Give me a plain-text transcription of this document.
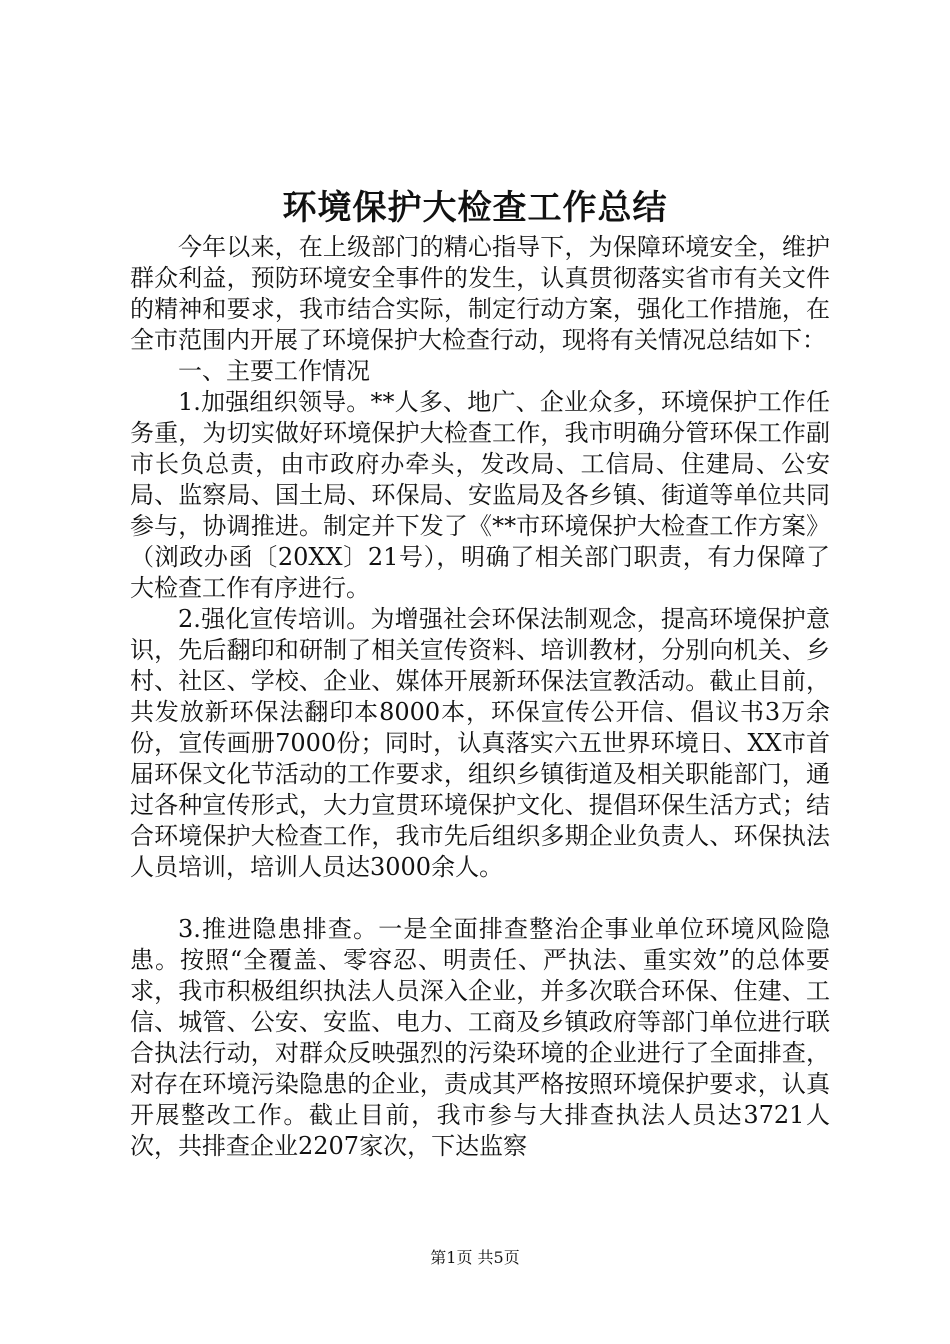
环境保护大检查工作总结

今年以来，在上级部门的精心指导下，为保障环境安全，维护群众利益，预防环境安全事件的发生，认真贯彻落实省市有关文件的精神和要求，我市结合实际，制定行动方案，强化工作措施，在全市范围内开展了环境保护大检查行动，现将有关情况总结如下：

一、主要工作情况

1.加强组织领导。**人多、地广、企业众多，环境保护工作任务重，为切实做好环境保护大检查工作，我市明确分管环保工作副市长负总责，由市政府办牵头，发改局、工信局、住建局、公安局、监察局、国土局、环保局、安监局及各乡镇、街道等单位共同参与，协调推进。制定并下发了《**市环境保护大检查工作方案》（浏政办函〔20XX〕21号），明确了相关部门职责，有力保障了大检查工作有序进行。

2.强化宣传培训。为增强社会环保法制观念，提高环境保护意识，先后翻印和研制了相关宣传资料、培训教材，分别向机关、乡村、社区、学校、企业、媒体开展新环保法宣教活动。截止目前，共发放新环保法翻印本8000本，环保宣传公开信、倡议书3万余份，宣传画册7000份；同时，认真落实六五世界环境日、XX市首届环保文化节活动的工作要求，组织乡镇街道及相关职能部门，通过各种宣传形式，大力宣贯环境保护文化、提倡环保生活方式；结合环境保护大检查工作，我市先后组织多期企业负责人、环保执法人员培训，培训人员达3000余人。

3.推进隐患排查。一是全面排查整治企事业单位环境风险隐患。按照“全覆盖、零容忍、明责任、严执法、重实效”的总体要求，我市积极组织执法人员深入企业，并多次联合环保、住建、工信、城管、公安、安监、电力、工商及乡镇政府等部门单位进行联合执法行动，对群众反映强烈的污染环境的企业进行了全面排查，对存在环境污染隐患的企业，责成其严格按照环境保护要求，认真开展整改工作。截止目前，我市参与大排查执法人员达3721人次，共排查企业2207家次，下达监察

第1页 共5页
